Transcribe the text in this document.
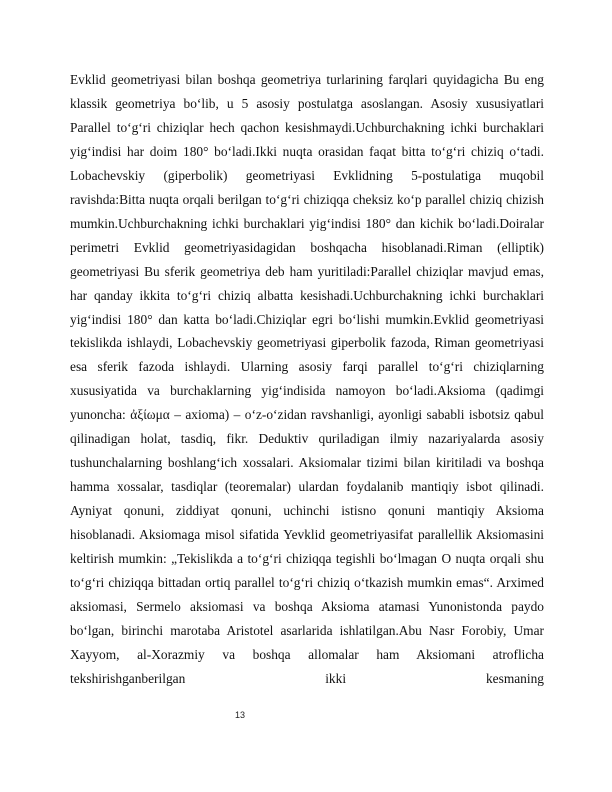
Evklid geometriyasi bilan boshqa geometriya turlarining farqlari quyidagicha Bu eng klassik geometriya bo‘lib, u 5 asosiy postulatga asoslangan. Asosiy xususiyatlari Parallel to‘g‘ri chiziqlar hech qachon kesishmaydi.Uchburchakning ichki burchaklari yig‘indisi har doim 180° bo‘ladi.Ikki nuqta orasidan faqat bitta to‘g‘ri chiziq o‘tadi. Lobachevskiy (giperbolik) geometriyasi Evklidning 5-postulatiga muqobil ravishda:Bitta nuqta orqali berilgan to‘g‘ri chiziqqa cheksiz ko‘p parallel chiziq chizish mumkin.Uchburchakning ichki burchaklari yig‘indisi 180° dan kichik bo‘ladi.Doiralar perimetri Evklid geometriyasidagidan boshqacha hisoblanadi.Riman (elliptik) geometriyasi Bu sferik geometriya deb ham yuritiladi:Parallel chiziqlar mavjud emas, har qanday ikkita to‘g‘ri chiziq albatta kesishadi.Uchburchakning ichki burchaklari yig‘indisi 180° dan katta bo‘ladi.Chiziqlar egri bo‘lishi mumkin.Evklid geometriyasi tekislikda ishlaydi, Lobachevskiy geometriyasi giperbolik fazoda, Riman geometriyasi esa sferik fazoda ishlaydi. Ularning asosiy farqi parallel to‘g‘ri chiziqlarning xususiyatida va burchaklarning yig‘indisida namoyon bo‘ladi.Aksioma (qadimgi yunoncha: ἀξίωμα – axioma) – o‘z-o‘zidan ravshanligi, ayonligi sababli isbotsiz qabul qilinadigan holat, tasdiq, fikr. Deduktiv quriladigan ilmiy nazariyalarda asosiy tushunchalarning boshlang‘ich xossalari. Aksiomalar tizimi bilan kiritiladi va boshqa hamma xossalar, tasdiqlar (teoremalar) ulardan foydalanib mantiqiy isbot qilinadi. Ayniyat qonuni, ziddiyat qonuni, uchinchi istisno qonuni mantiqiy Aksioma hisoblanadi. Aksiomaga misol sifatida Yevklid geometriyasifat parallellik Aksiomasini keltirish mumkin: „Tekislikda a to‘g‘ri chiziqqa tegishli bo‘lmagan O nuqta orqali shu to‘g‘ri chiziqqa bittadan ortiq parallel to‘g‘ri chiziq o‘tkazish mumkin emas“. Arximed aksiomasi, Sermelo aksiomasi va boshqa Aksioma atamasi Yunonistonda paydo bo‘lgan, birinchi marotaba Aristotel asarlarida ishlatilgan.Abu Nasr Forobiy, Umar Xayyom, al-Xorazmiy va boshqa allomalar ham Aksiomani atroflicha tekshirishganberilgan ikki kesmaning

13
